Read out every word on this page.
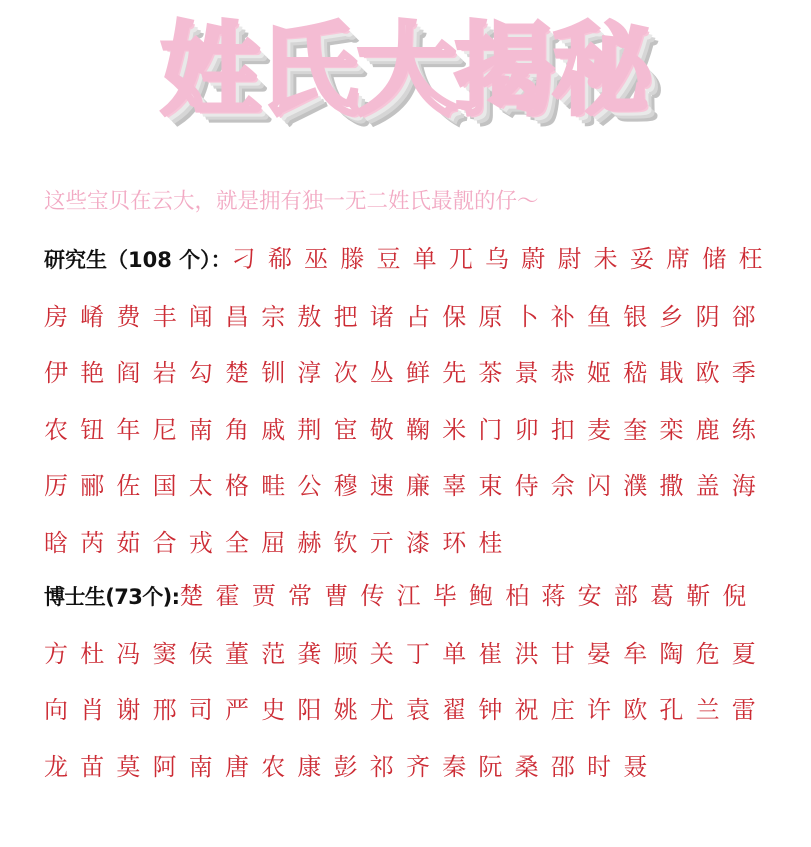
姓氏大揭秘
这些宝贝在云大，就是拥有独一无二姓氏最靓的仔～
研究生（108 个）：刁郗巫滕豆单兀乌蔚尉未妥席储枉房崤费丰闻昌宗敖把诸占保原卜补鱼银乡阴郤伊艳阎岩勾楚钏淳次丛鲜先茶景恭姬嵇戢欧季农钮年尼南角戚荆宦敬鞠米门卯扣麦奎栾鹿练厉郦佐国太格畦公穆速廉辜束侍佘闪濮撒盖海晗芮茹合戎全屈赫钦亓漆环桂
博士生(73个):楚霍贾常曹传江毕鲍柏蒋安部葛靳倪方杜冯窦侯董范龚顾关丁单崔洪甘晏牟陶危夏向肖谢邢司严史阳姚尤袁翟钟祝庄许欧孔兰雷龙苗莫阿南唐农康彭祁齐秦阮桑邵时聂
